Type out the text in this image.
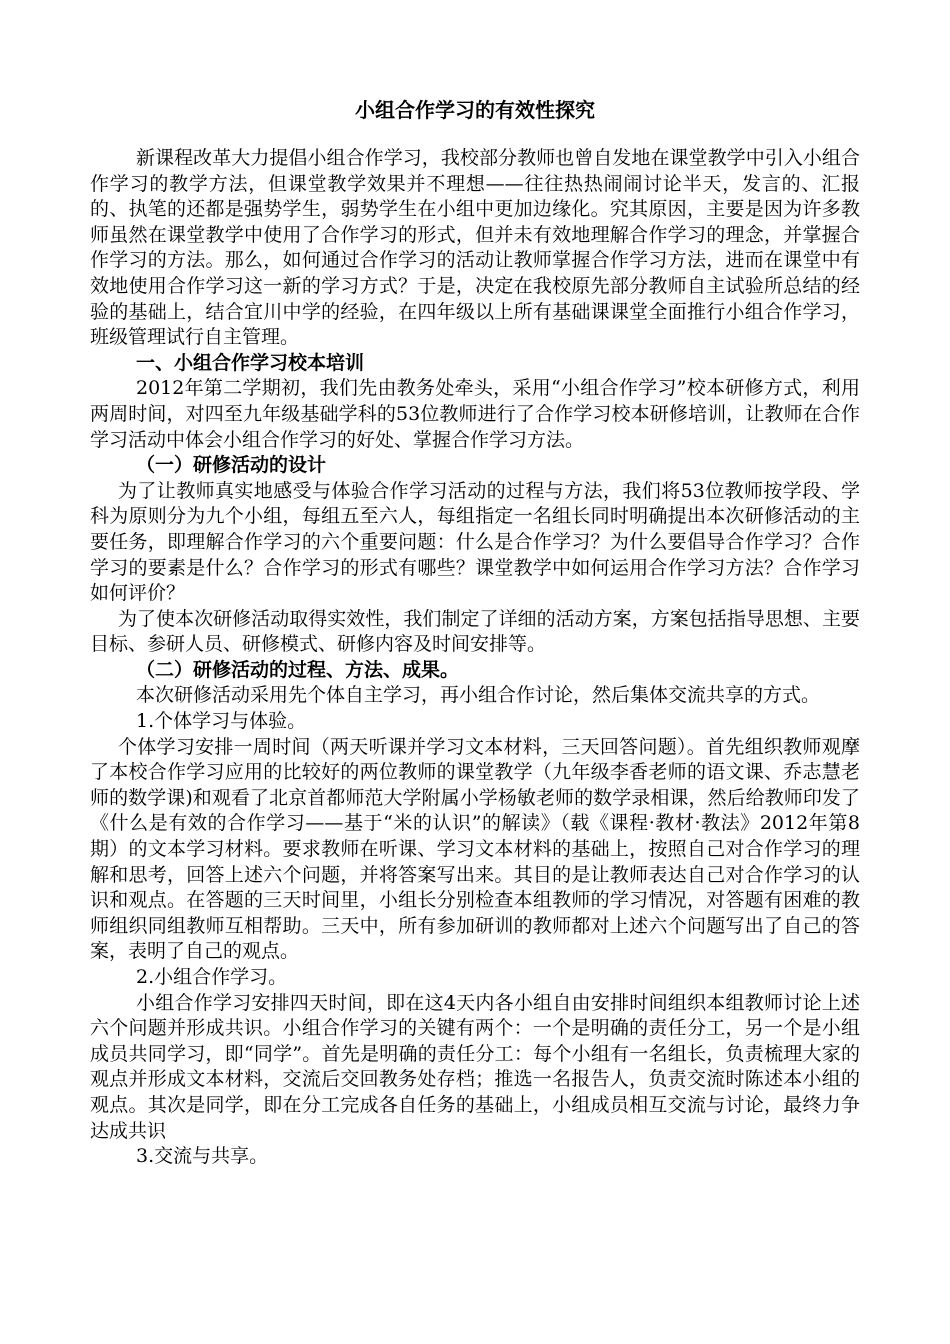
小组合作学习的有效性探究

新课程改革大力提倡小组合作学习，我校部分教师也曾自发地在课堂教学中引入小组合作学习的教学方法，但课堂教学效果并不理想——往往热热闹闹讨论半天，发言的、汇报的、执笔的还都是强势学生，弱势学生在小组中更加边缘化。究其原因，主要是因为许多教师虽然在课堂教学中使用了合作学习的形式，但并未有效地理解合作学习的理念，并掌握合作学习的方法。那么，如何通过合作学习的活动让教师掌握合作学习方法，进而在课堂中有效地使用合作学习这一新的学习方式？于是，决定在我校原先部分教师自主试验所总结的经验的基础上，结合宜川中学的经验，在四年级以上所有基础课课堂全面推行小组合作学习，班级管理试行自主管理。

一、小组合作学习校本培训

2012年第二学期初，我们先由教务处牵头，采用“小组合作学习”校本研修方式，利用两周时间，对四至九年级基础学科的53位教师进行了合作学习校本研修培训，让教师在合作学习活动中体会小组合作学习的好处、掌握合作学习方法。

（一）研修活动的设计

为了让教师真实地感受与体验合作学习活动的过程与方法，我们将53位教师按学段、学科为原则分为九个小组，每组五至六人，每组指定一名组长同时明确提出本次研修活动的主要任务，即理解合作学习的六个重要问题：什么是合作学习？为什么要倡导合作学习？合作学习的要素是什么？合作学习的形式有哪些？课堂教学中如何运用合作学习方法？合作学习如何评价？

为了使本次研修活动取得实效性，我们制定了详细的活动方案，方案包括指导思想、主要目标、参研人员、研修模式、研修内容及时间安排等。

（二）研修活动的过程、方法、成果。

本次研修活动采用先个体自主学习，再小组合作讨论，然后集体交流共享的方式。

1.个体学习与体验。

个体学习安排一周时间（两天听课并学习文本材料，三天回答问题）。首先组织教师观摩了本校合作学习应用的比较好的两位教师的课堂教学（九年级李香老师的语文课、乔志慧老师的数学课)和观看了北京首都师范大学附属小学杨敏老师的数学录相课，然后给教师印发了《什么是有效的合作学习——基于“米的认识”的解读》（载《课程·教材·教法》2012年第8期）的文本学习材料。要求教师在听课、学习文本材料的基础上，按照自己对合作学习的理解和思考，回答上述六个问题，并将答案写出来。其目的是让教师表达自己对合作学习的认识和观点。在答题的三天时间里，小组长分别检查本组教师的学习情况，对答题有困难的教师组织同组教师互相帮助。三天中，所有参加研训的教师都对上述六个问题写出了自己的答案，表明了自己的观点。

2.小组合作学习。

小组合作学习安排四天时间，即在这4天内各小组自由安排时间组织本组教师讨论上述六个问题并形成共识。小组合作学习的关键有两个：一个是明确的责任分工，另一个是小组成员共同学习，即“同学”。首先是明确的责任分工：每个小组有一名组长，负责梳理大家的观点并形成文本材料，交流后交回教务处存档；推选一名报告人，负责交流时陈述本小组的观点。其次是同学，即在分工完成各自任务的基础上，小组成员相互交流与讨论，最终力争达成共识

3.交流与共享。
